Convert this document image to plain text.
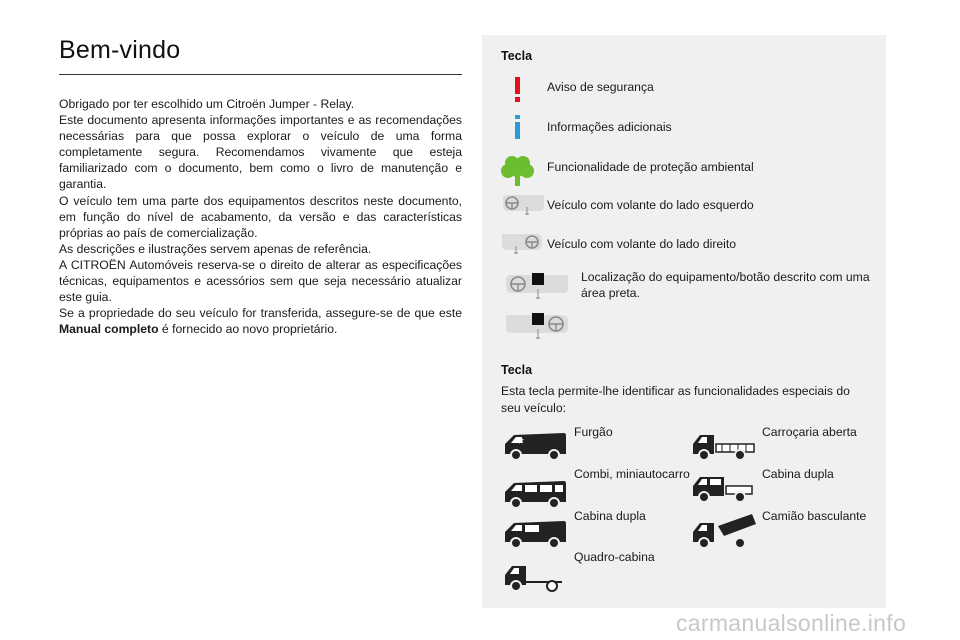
Bem-vindo

Obrigado por ter escolhido um Citroën Jumper - Relay.

Este documento apresenta informações importantes e as recomendações necessárias para que possa explorar o veículo de uma forma completamente segura. Recomendamos vivamente que esteja familiarizado com o documento, bem como o livro de manutenção e garantia.

O veículo tem uma parte dos equipamentos descritos neste documento, em função do nível de acabamento, da versão e das características próprias ao país de comercialização.

As descrições e ilustrações servem apenas de referência.

A CITROËN Automóveis reserva-se o direito de alterar as especificações técnicas, equipamentos e acessórios sem que seja necessário atualizar este guia.

Se a propriedade do seu veículo for transferida, assegure-se de que este Manual completo é fornecido ao novo proprietário.

Tecla
Aviso de segurança
Informações adicionais
Funcionalidade de proteção ambiental
Veículo com volante do lado esquerdo
Veículo com volante do lado direito
Localização do equipamento/botão descrito com uma área preta.
Tecla
Esta tecla permite-lhe identificar as funcionalidades especiais do seu veículo:
††
Furgão
Combi, miniautocarro
Cabina dupla
Quadro-cabina
Carroçaria aberta
Cabina dupla
Camião basculante
carmanualsonline.info
